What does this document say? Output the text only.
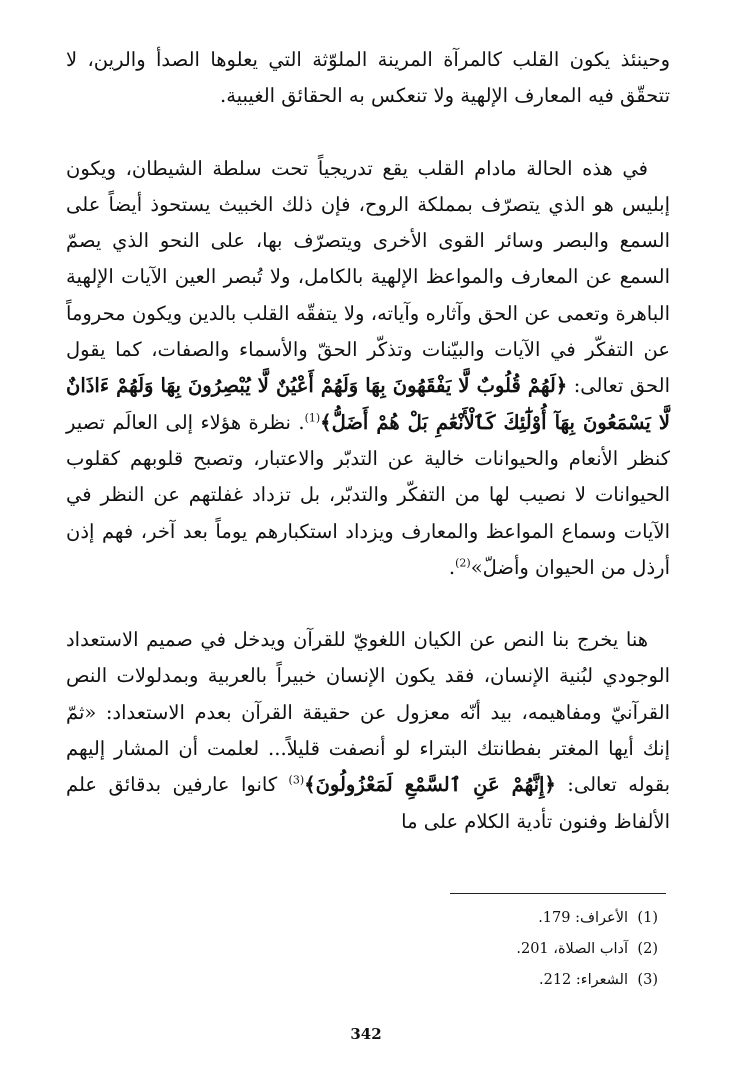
وحينئذ يكون القلب كالمرآة المرينة الملوّثة التي يعلوها الصدأ والرين، لا تتحقّق فيه المعارف الإلهية ولا تنعكس به الحقائق الغيبية.

في هذه الحالة مادام القلب يقع تدريجياً تحت سلطة الشيطان، ويكون إبليس هو الذي يتصرّف بمملكة الروح، فإن ذلك الخبيث يستحوذ أيضاً على السمع والبصر وسائر القوى الأخرى ويتصرّف بها، على النحو الذي يصمّ السمع عن المعارف والمواعظ الإلهية بالكامل، ولا تُبصر العين الآيات الإلهية الباهرة وتعمى عن الحق وآثاره وآياته، ولا يتفقّه القلب بالدين ويكون محروماً عن التفكّر في الآيات والبيّنات وتذكّر الحقّ والأسماء والصفات، كما يقول الحق تعالى: ﴿لَهُمْ قُلُوبٌ لَّا يَفْقَهُونَ بِهَا وَلَهُمْ أَعْيُنٌ لَّا يُبْصِرُونَ بِهَا وَلَهُمْ ءَاذَانٌ لَّا يَسْمَعُونَ بِهَآ أُوْلَٰٓئِكَ كَٱلْأَنْعَٰمِ بَلْ هُمْ أَضَلُّ﴾$^{(1)}$. نظرة هؤلاء إلى العالَم تصير كنظر الأنعام والحيوانات خالية عن التدبّر والاعتبار، وتصبح قلوبهم كقلوب الحيوانات لا نصيب لها من التفكّر والتدبّر، بل تزداد غفلتهم عن النظر في الآيات وسماع المواعظ والمعارف ويزداد استكبارهم يوماً بعد آخر، فهم إذن أرذل من الحيوان وأضلّ»$^{(2)}$.

هنا يخرج بنا النص عن الكيان اللغويّ للقرآن ويدخل في صميم الاستعداد الوجودي لبُنية الإنسان، فقد يكون الإنسان خبيراً بالعربية وبمدلولات النص القرآنيّ ومفاهيمه، بيد أنّه معزول عن حقيقة القرآن بعدم الاستعداد: «ثمّ إنك أيها المغتر بفطانتك البتراء لو أنصفت قليلاً... لعلمت أن المشار إليهم بقوله تعالى: ﴿إِنَّهُمْ عَنِ ٱلسَّمْعِ لَمَعْزُولُونَ﴾$^{(3)}$ كانوا عارفين بدقائق علم الألفاظ وفنون تأدية الكلام على ما

(1)
الأعراف: 179.
(2)
آداب الصلاة، 201.
(3)
الشعراء: 212.
342
